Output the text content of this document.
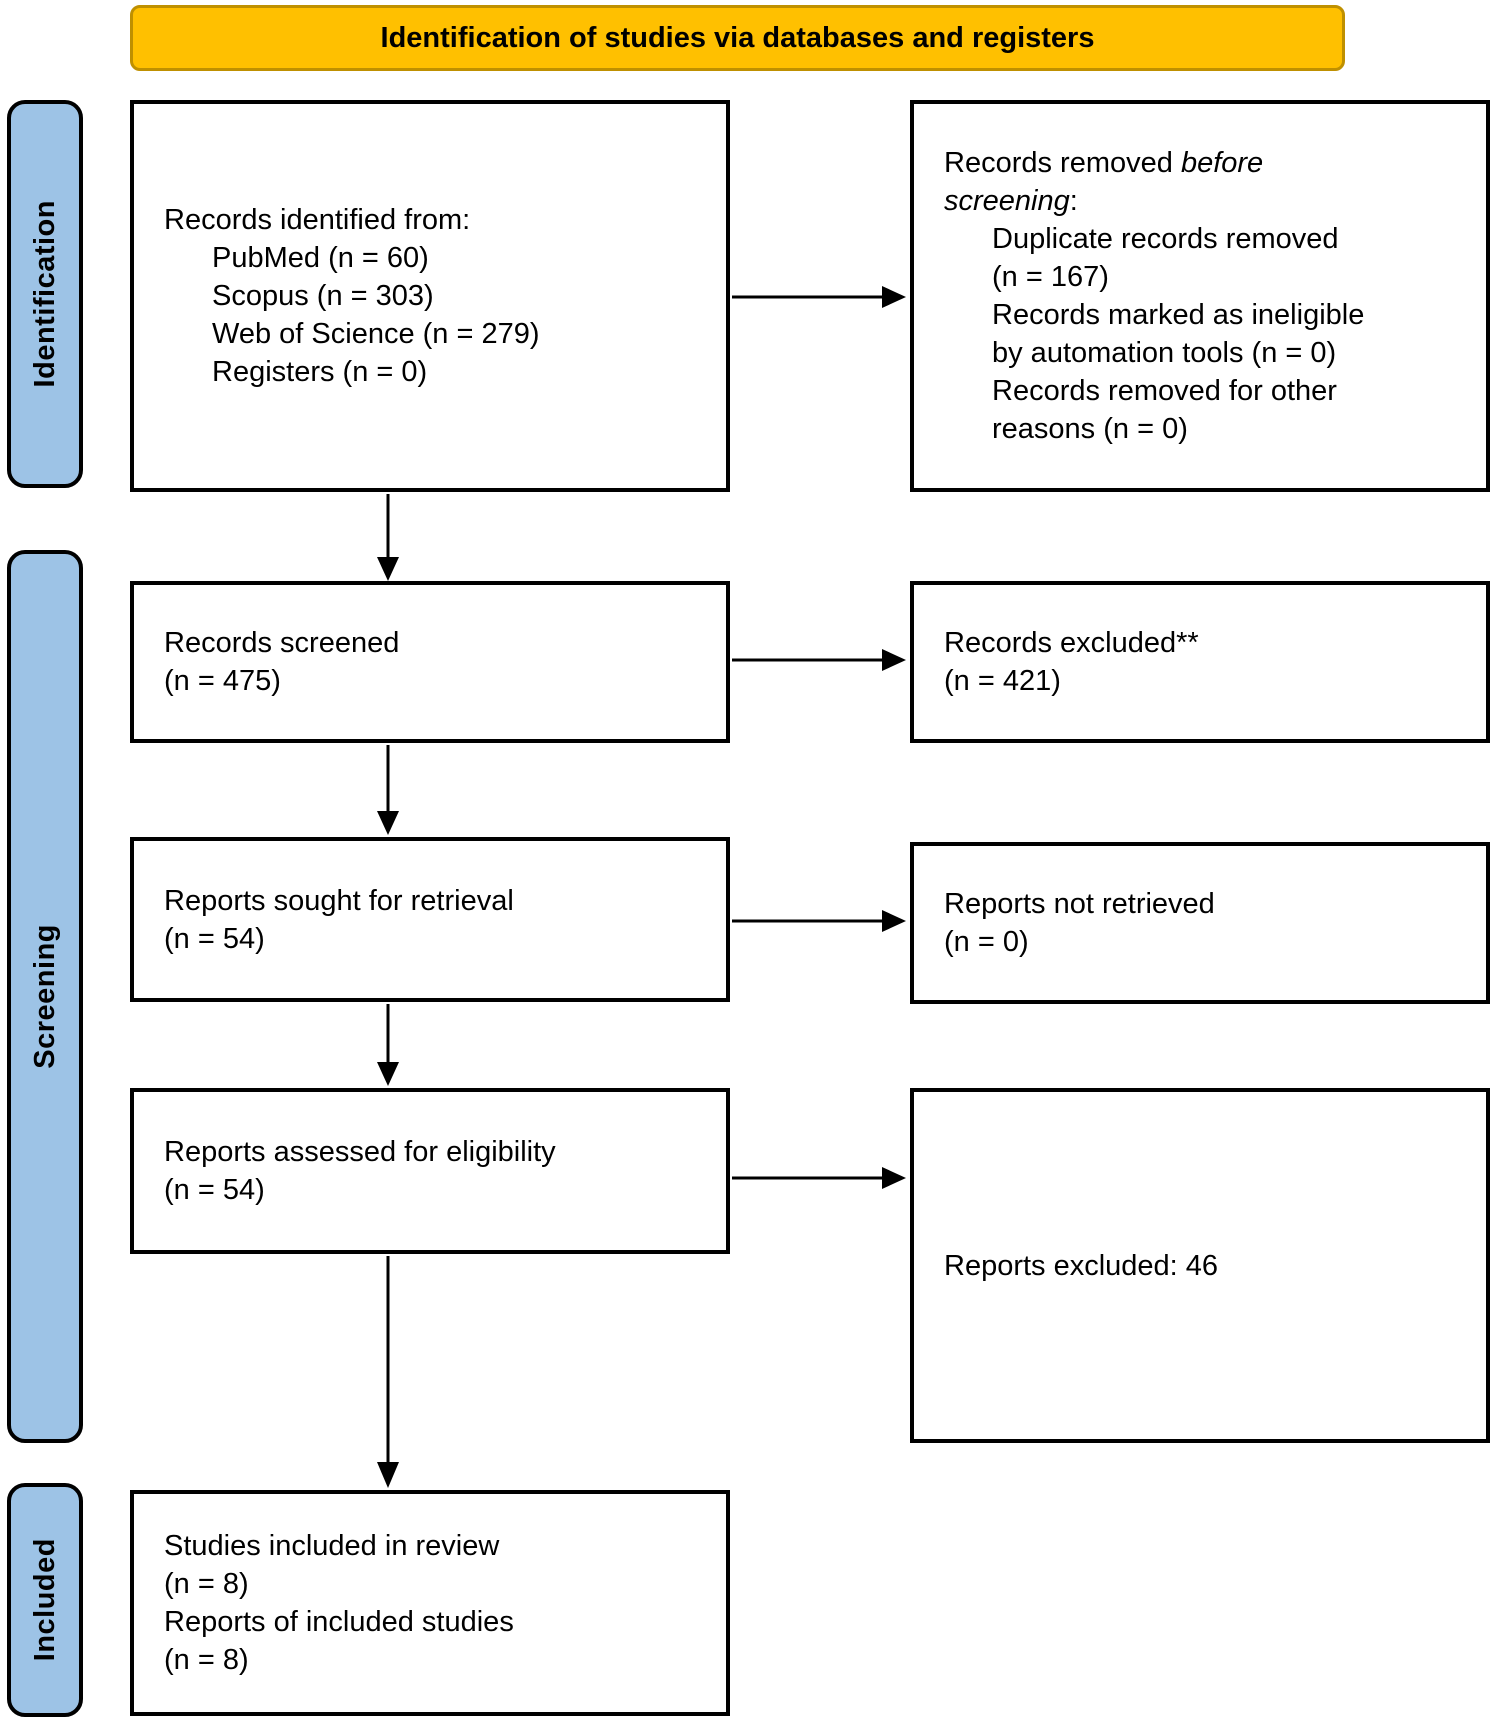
Identification of studies via databases and registers
Identification
Screening
Included
Records identified from:
PubMed (n = 60)
Scopus (n = 303)
Web of Science (n = 279)
Registers (n = 0)
Records removed before
screening:
Duplicate records removed
(n = 167)
Records marked as ineligible
by automation tools (n = 0)
Records removed for other
reasons (n = 0)
Records screened
(n = 475)
Records excluded**
(n = 421)
Reports sought for retrieval
(n = 54)
Reports not retrieved
(n = 0)
Reports assessed for eligibility
(n = 54)
Reports excluded: 46
Studies included in review
(n = 8)
Reports of included studies
(n = 8)
